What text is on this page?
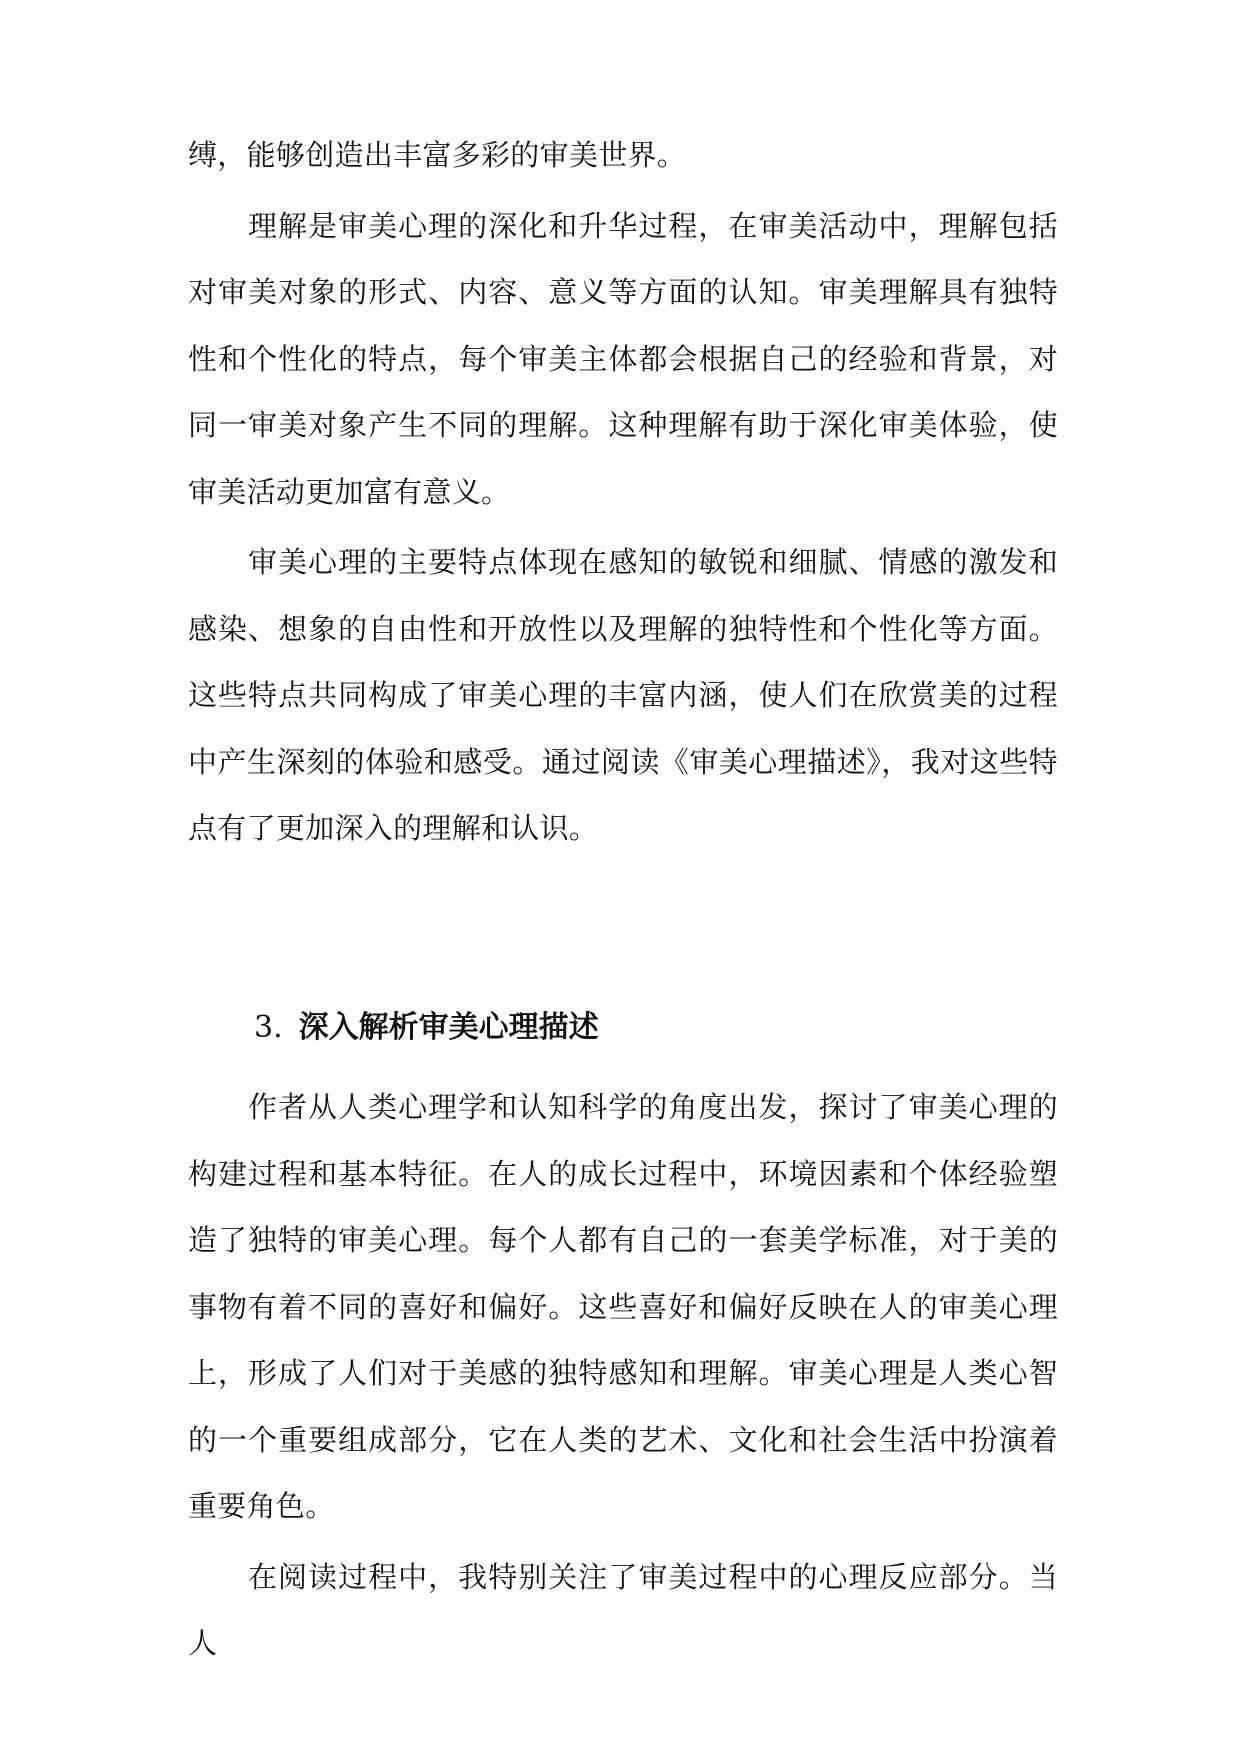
缚，能够创造出丰富多彩的审美世界。

理解是审美心理的深化和升华过程，在审美活动中，理解包括对审美对象的形式、内容、意义等方面的认知。审美理解具有独特性和个性化的特点，每个审美主体都会根据自己的经验和背景，对同一审美对象产生不同的理解。这种理解有助于深化审美体验，使审美活动更加富有意义。

审美心理的主要特点体现在感知的敏锐和细腻、情感的激发和感染、想象的自由性和开放性以及理解的独特性和个性化等方面。这些特点共同构成了审美心理的丰富内涵，使人们在欣赏美的过程中产生深刻的体验和感受。通过阅读《审美心理描述》，我对这些特点有了更加深入的理解和认识。

3. 深入解析审美心理描述

作者从人类心理学和认知科学的角度出发，探讨了审美心理的构建过程和基本特征。在人的成长过程中，环境因素和个体经验塑造了独特的审美心理。每个人都有自己的一套美学标准，对于美的事物有着不同的喜好和偏好。这些喜好和偏好反映在人的审美心理上，形成了人们对于美感的独特感知和理解。审美心理是人类心智的一个重要组成部分，它在人类的艺术、文化和社会生活中扮演着重要角色。

在阅读过程中，我特别关注了审美过程中的心理反应部分。当人
